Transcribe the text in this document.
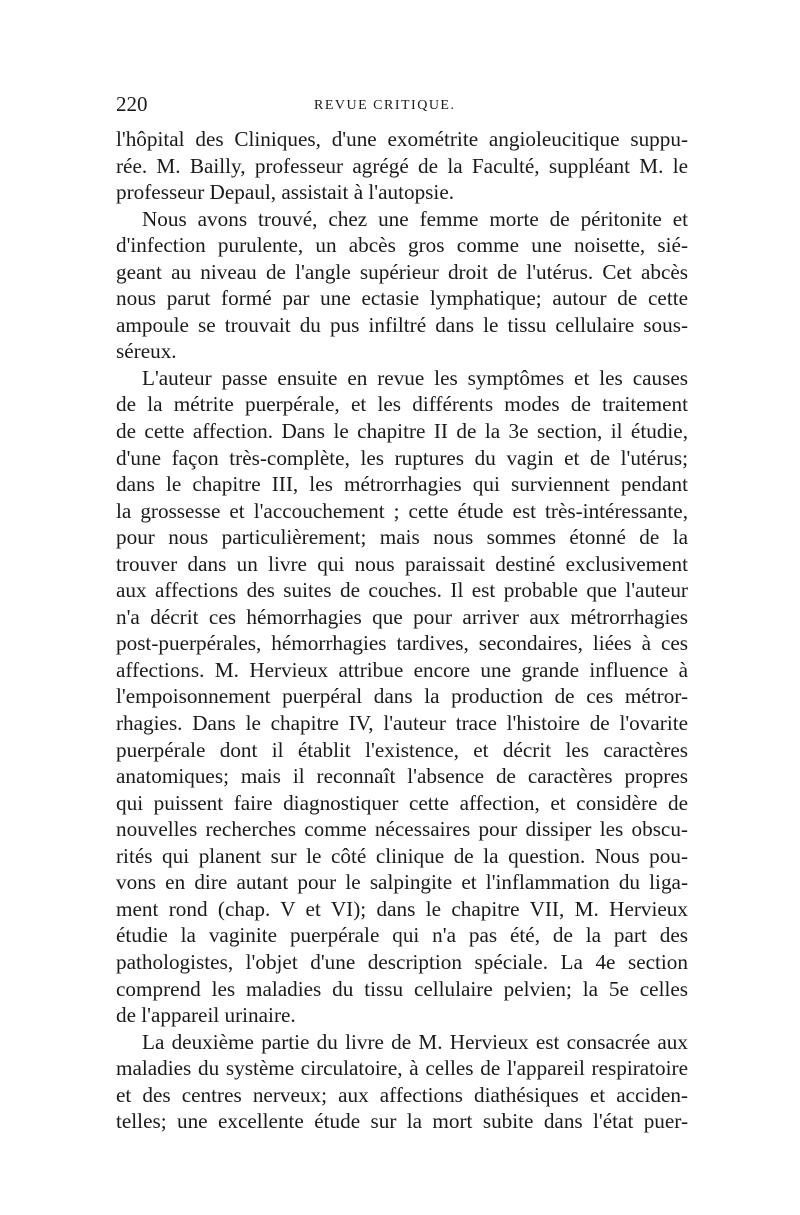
220	REVUE CRITIQUE.
l'hôpital des Cliniques, d'une exométrite angioleucitique suppu-
rée. M. Bailly, professeur agrégé de la Faculté, suppléant M. le
professeur Depaul, assistait à l'autopsie.
Nous avons trouvé, chez une femme morte de péritonite et
d'infection purulente, un abcès gros comme une noisette, sié-
geant au niveau de l'angle supérieur droit de l'utérus. Cet abcès
nous parut formé par une ectasie lymphatique; autour de cette
ampoule se trouvait du pus infiltré dans le tissu cellulaire sous-
séreux.
L'auteur passe ensuite en revue les symptômes et les causes
de la métrite puerpérale, et les différents modes de traitement
de cette affection. Dans le chapitre II de la 3e section, il étudie,
d'une façon très-complète, les ruptures du vagin et de l'utérus;
dans le chapitre III, les métrorrhagies qui surviennent pendant
la grossesse et l'accouchement ; cette étude est très-intéressante,
pour nous particulièrement; mais nous sommes étonné de la
trouver dans un livre qui nous paraissait destiné exclusivement
aux affections des suites de couches. Il est probable que l'auteur
n'a décrit ces hémorrhagies que pour arriver aux métrorrhagies
post-puerpérales, hémorrhagies tardives, secondaires, liées à ces
affections. M. Hervieux attribue encore une grande influence à
l'empoisonnement puerpéral dans la production de ces métror-
rhagies. Dans le chapitre IV, l'auteur trace l'histoire de l'ovarite
puerpérale dont il établit l'existence, et décrit les caractères
anatomiques; mais il reconnaît l'absence de caractères propres
qui puissent faire diagnostiquer cette affection, et considère de
nouvelles recherches comme nécessaires pour dissiper les obscu-
rités qui planent sur le côté clinique de la question. Nous pou-
vons en dire autant pour le salpingite et l'inflammation du liga-
ment rond (chap. V et VI); dans le chapitre VII, M. Hervieux
étudie la vaginite puerpérale qui n'a pas été, de la part des
pathologistes, l'objet d'une description spéciale. La 4e section
comprend les maladies du tissu cellulaire pelvien; la 5e celles
de l'appareil urinaire.
La deuxième partie du livre de M. Hervieux est consacrée aux
maladies du système circulatoire, à celles de l'appareil respiratoire
et des centres nerveux; aux affections diathésiques et acciden-
telles; une excellente étude sur la mort subite dans l'état puer-
